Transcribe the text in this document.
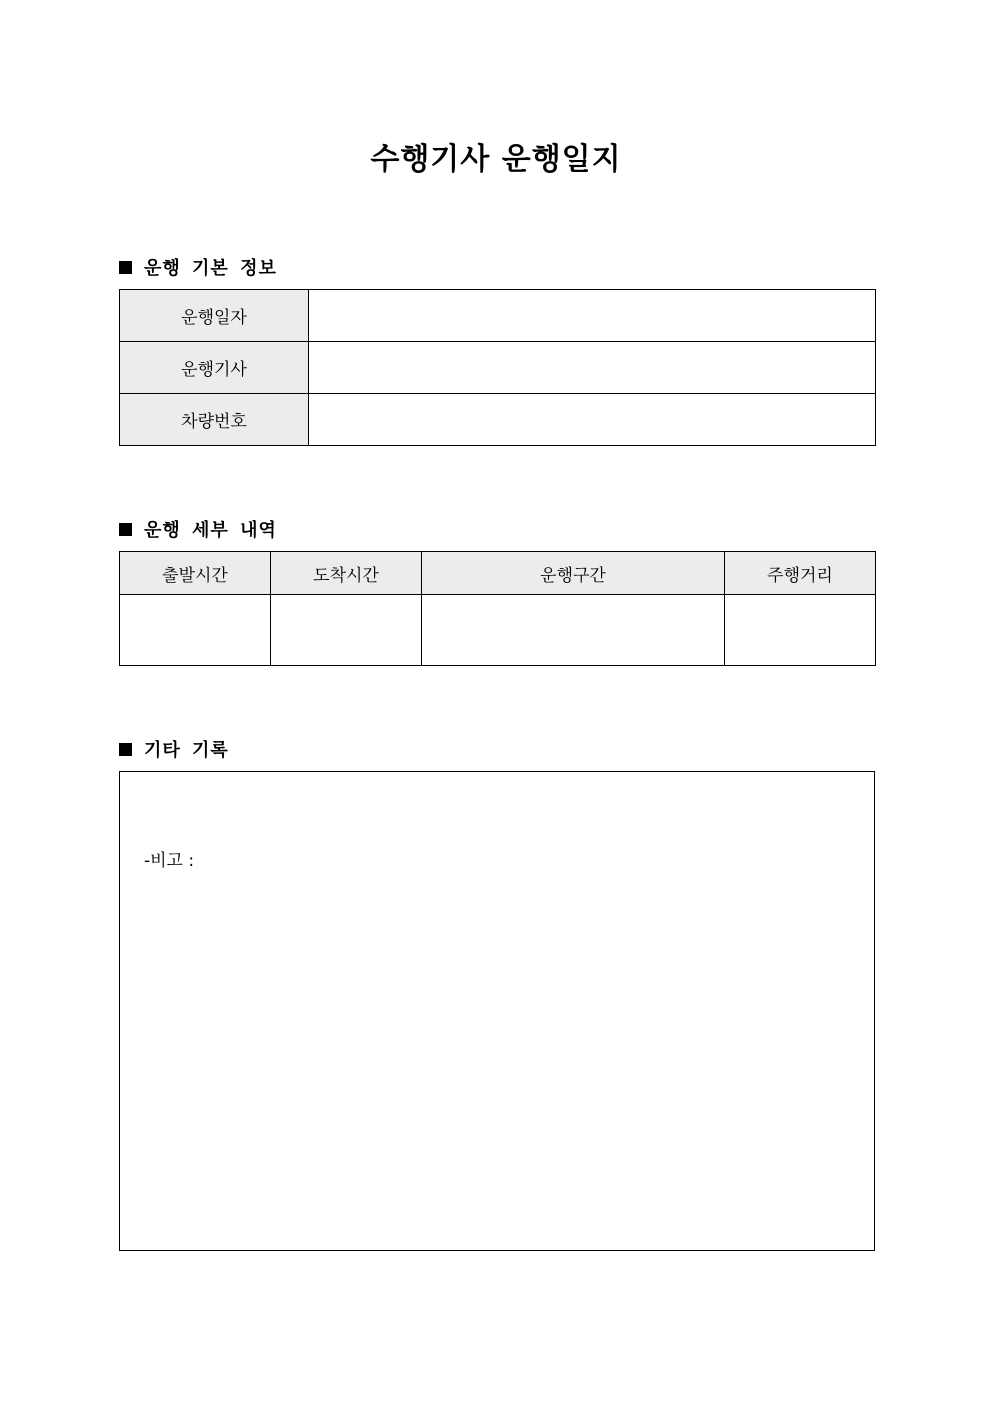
수행기사 운행일지
운행 기본 정보
운행일자	
운행기사	
차량번호	
운행 세부 내역
출발시간	도착시간	운행구간	주행거리

기타 기록
-비고 :
